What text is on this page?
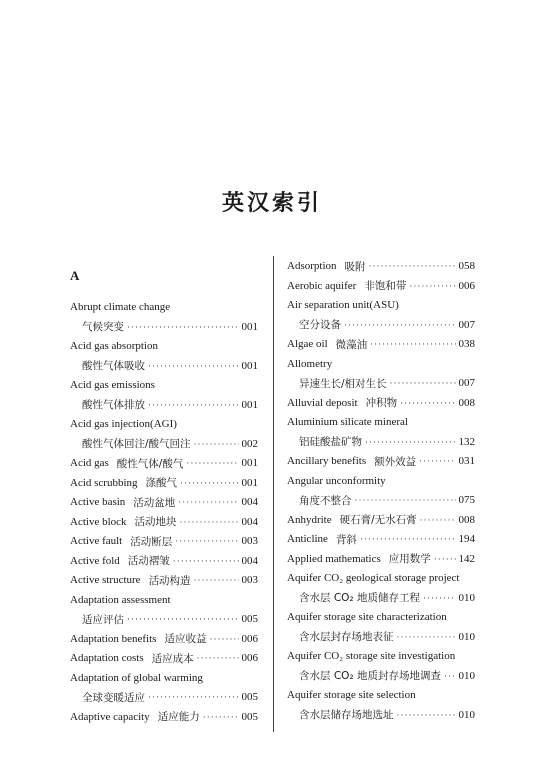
英汉索引
A
Abrupt climate change
气候突变 ·····	001
Acid gas absorption
酸性气体吸收 ·····	001
Acid gas emissions
酸性气体排放 ·····	001
Acid gas injection(AGI)
酸性气体回注/酸气回注 ·····	002
Acid gas 酸性气体/酸气 ·····	001
Acid scrubbing 涤酸气 ·····	001
Active basin 活动盆地 ·····	004
Active block 活动地块 ·····	004
Active fault 活动断层 ·····	003
Active fold 活动褶皱 ·····	004
Active structure 活动构造 ·····	003
Adaptation assessment
适应评估 ·····	005
Adaptation benefits 适应收益 ·····	006
Adaptation costs 适应成本 ·····	006
Adaptation of global warming
全球变暖适应 ·····	005
Adaptive capacity 适应能力 ·····	005
Adsorption 吸附 ·····	058
Aerobic aquifer 非饱和带 ·····	006
Air separation unit(ASU)
空分设备 ·····	007
Algae oil 微藻油 ·····	038
Allometry
异速生长/相对生长 ·····	007
Alluvial deposit 冲积物 ·····	008
Aluminium silicate mineral
铝硅酸盐矿物 ·····	132
Ancillary benefits 额外效益 ·····	031
Angular unconformity
角度不整合 ·····	075
Anhydrite 硬石膏/无水石膏 ·····	008
Anticline 背斜 ·····	194
Applied mathematics 应用数学 ·····	142
Aquifer CO₂ geological storage project
含水层 CO₂ 地质储存工程 ·····	010
Aquifer storage site characterization
含水层封存场地表征 ·····	010
Aquifer CO₂ storage site investigation
含水层 CO₂ 地质封存场地调查 ····· 010
Aquifer storage site selection
含水层储存场地选址 ·····	010
